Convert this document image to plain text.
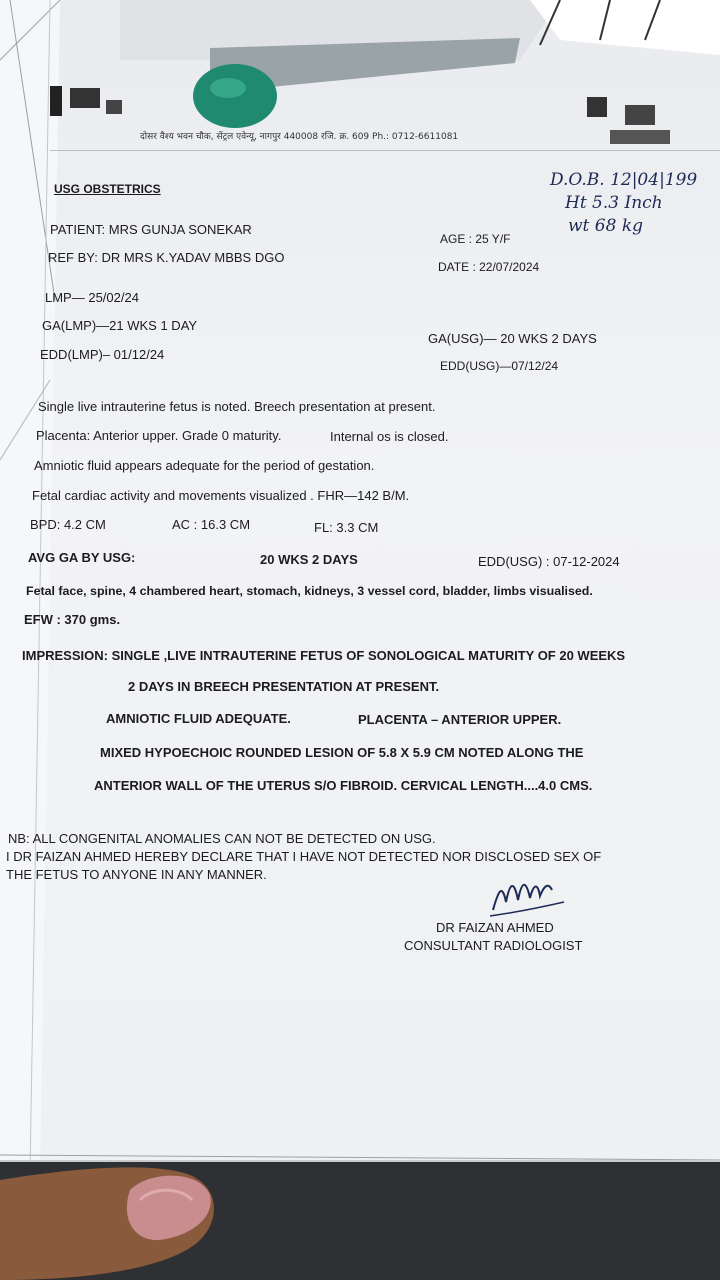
दोसर वैश्य भवन चौक, सेंट्रल एवेन्यू, नागपुर 440008 रजि. क्र. 609 Ph.: 0712-6611081
D.O.B. 12|04|199
Ht 5.3 Inch
wt 68 kg
USG OBSTETRICS
PATIENT: MRS GUNJA SONEKAR
REF BY: DR MRS K.YADAV MBBS DGO
AGE : 25 Y/F
DATE : 22/07/2024
LMP— 25/02/24
GA(LMP)—21 WKS 1 DAY
GA(USG)— 20 WKS 2 DAYS
EDD(LMP)– 01/12/24
EDD(USG)—07/12/24
Single live intrauterine fetus is noted. Breech presentation at present.
Placenta: Anterior upper. Grade 0 maturity.	Internal os is closed.
Amniotic fluid appears adequate for the period of gestation.
Fetal cardiac activity and movements visualized . FHR—142 B/M.
BPD: 4.2 CM	AC : 16.3 CM	FL: 3.3 CM
AVG GA BY USG:	20 WKS 2 DAYS	EDD(USG) : 07-12-2024
Fetal face, spine, 4 chambered heart, stomach, kidneys, 3 vessel cord, bladder, limbs visualised.
EFW : 370 gms.
IMPRESSION: SINGLE ,LIVE INTRAUTERINE FETUS OF SONOLOGICAL MATURITY OF 20 WEEKS
2 DAYS IN BREECH PRESENTATION AT PRESENT.
AMNIOTIC FLUID ADEQUATE.	PLACENTA – ANTERIOR UPPER.
MIXED HYPOECHOIC ROUNDED LESION OF 5.8 X 5.9 CM NOTED ALONG THE
ANTERIOR WALL OF THE UTERUS S/O FIBROID. CERVICAL LENGTH....4.0 CMS.
NB: ALL CONGENITAL ANOMALIES CAN NOT BE DETECTED ON USG.
I DR FAIZAN AHMED HEREBY DECLARE THAT I HAVE NOT DETECTED NOR DISCLOSED SEX OF
THE FETUS TO ANYONE IN ANY MANNER.
DR FAIZAN AHMED
CONSULTANT RADIOLOGIST
